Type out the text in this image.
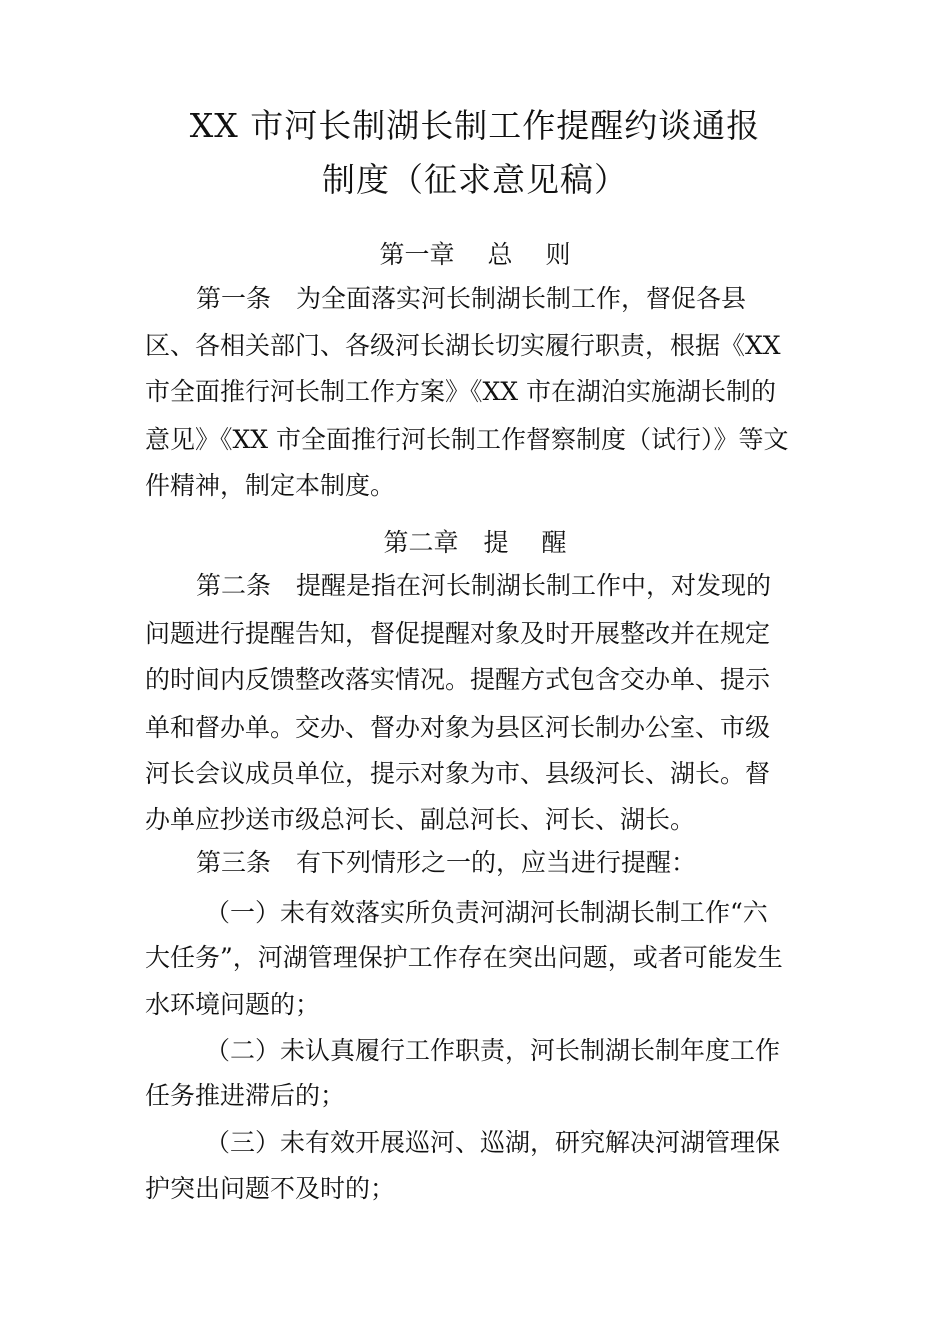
XX 市河长制湖长制工作提醒约谈通报
制度（征求意见稿）
第一章　 总　 则
第一条　为全面落实河长制湖长制工作，督促各县
区、各相关部门、各级河长湖长切实履行职责，根据《XX
市全面推行河长制工作方案》《XX 市在湖泊实施湖长制的
意见》《XX 市全面推行河长制工作督察制度（试行）》等文
件精神，制定本制度。
第二章　提　 醒
第二条　提醒是指在河长制湖长制工作中，对发现的
问题进行提醒告知，督促提醒对象及时开展整改并在规定
的时间内反馈整改落实情况。提醒方式包含交办单、提示
单和督办单。交办、督办对象为县区河长制办公室、市级
河长会议成员单位，提示对象为市、县级河长、湖长。督
办单应抄送市级总河长、副总河长、河长、湖长。
第三条　有下列情形之一的，应当进行提醒：
（一）未有效落实所负责河湖河长制湖长制工作“六
大任务”，河湖管理保护工作存在突出问题，或者可能发生
水环境问题的；
（二）未认真履行工作职责，河长制湖长制年度工作
任务推进滞后的；
（三）未有效开展巡河、巡湖，研究解决河湖管理保
护突出问题不及时的；
